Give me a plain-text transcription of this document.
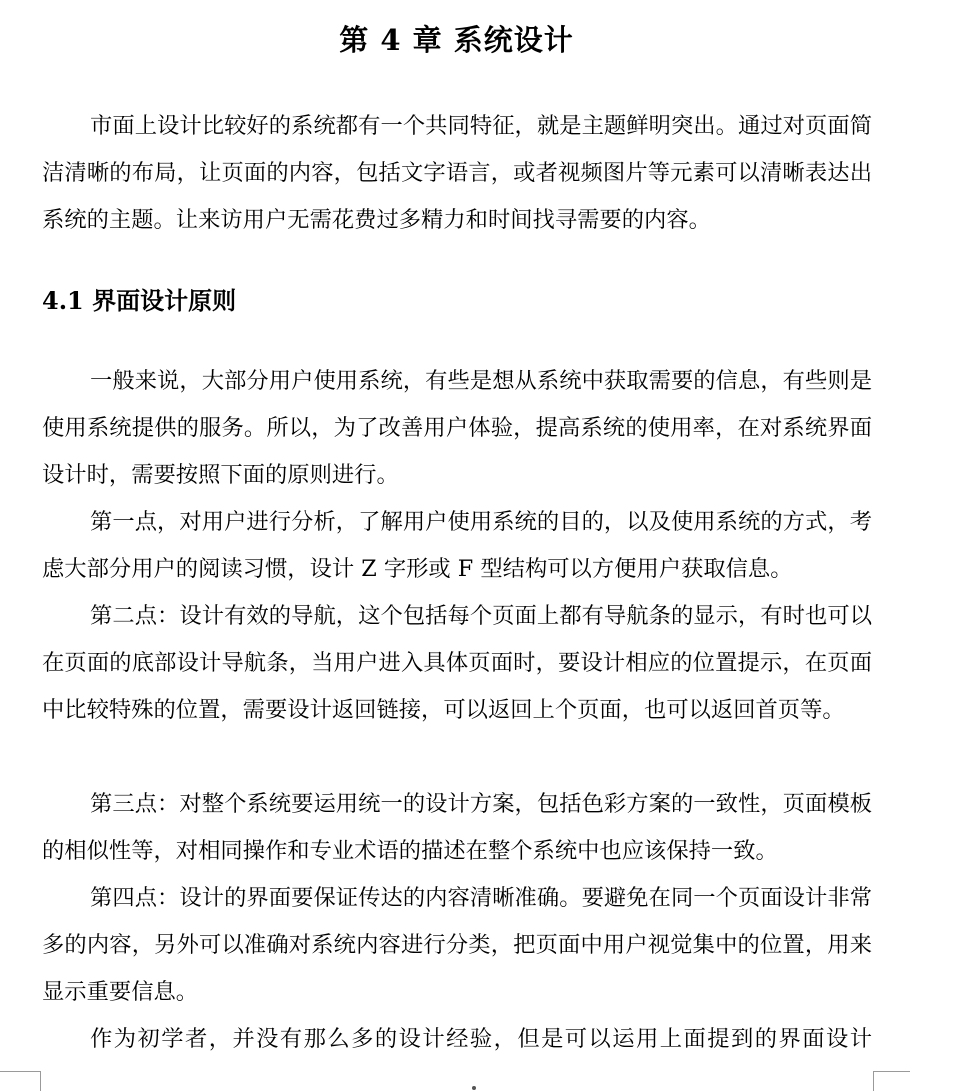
第 4 章 系统设计

市面上设计比较好的系统都有一个共同特征，就是主题鲜明突出。通过对页面简洁清晰的布局，让页面的内容，包括文字语言，或者视频图片等元素可以清晰表达出系统的主题。让来访用户无需花费过多精力和时间找寻需要的内容。

4.1 界面设计原则

一般来说，大部分用户使用系统，有些是想从系统中获取需要的信息，有些则是使用系统提供的服务。所以，为了改善用户体验，提高系统的使用率，在对系统界面设计时，需要按照下面的原则进行。

第一点，对用户进行分析，了解用户使用系统的目的，以及使用系统的方式，考虑大部分用户的阅读习惯，设计 Z 字形或 F 型结构可以方便用户获取信息。

第二点：设计有效的导航，这个包括每个页面上都有导航条的显示，有时也可以在页面的底部设计导航条，当用户进入具体页面时，要设计相应的位置提示，在页面中比较特殊的位置，需要设计返回链接，可以返回上个页面，也可以返回首页等。

第三点：对整个系统要运用统一的设计方案，包括色彩方案的一致性，页面模板的相似性等，对相同操作和专业术语的描述在整个系统中也应该保持一致。

第四点：设计的界面要保证传达的内容清晰准确。要避免在同一个页面设计非常多的内容，另外可以准确对系统内容进行分类，把页面中用户视觉集中的位置，用来显示重要信息。

作为初学者，并没有那么多的设计经验，但是可以运用上面提到的界面设计
